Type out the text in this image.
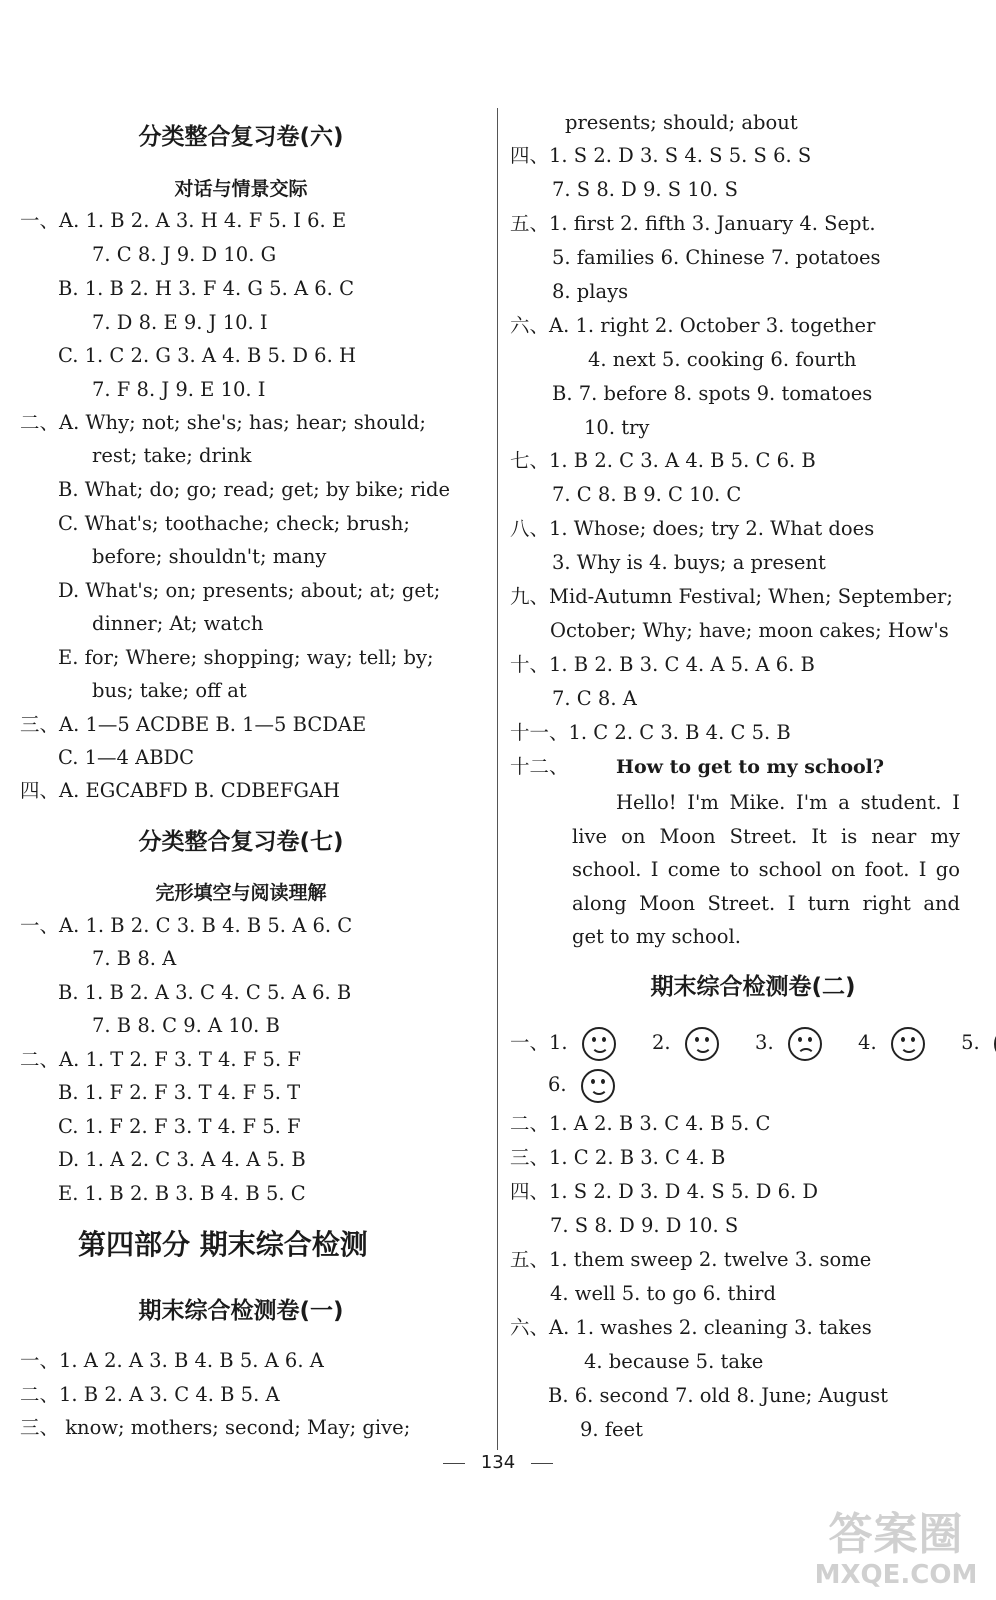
分类整合复习卷(六)
对话与情景交际
一、A. 1. B 2. A 3. H 4. F 5. I 6. E
7. C 8. J 9. D 10. G
B. 1. B 2. H 3. F 4. G 5. A 6. C
7. D 8. E 9. J 10. I
C. 1. C 2. G 3. A 4. B 5. D 6. H
7. F 8. J 9. E 10. I
二、A. Why; not; she's; has; hear; should;
rest; take; drink
B. What; do; go; read; get; by bike; ride
C. What's; toothache; check; brush;
before; shouldn't; many
D. What's; on; presents; about; at; get;
dinner; At; watch
E. for; Where; shopping; way; tell; by;
bus; take; off at
三、A. 1—5 ACDBE B. 1—5 BCDAE
C. 1—4 ABDC
四、A. EGCABFD B. CDBEFGAH
分类整合复习卷(七)
完形填空与阅读理解
一、A. 1. B 2. C 3. B 4. B 5. A 6. C
7. B 8. A
B. 1. B 2. A 3. C 4. C 5. A 6. B
7. B 8. C 9. A 10. B
二、A. 1. T 2. F 3. T 4. F 5. F
B. 1. F 2. F 3. T 4. F 5. T
C. 1. F 2. F 3. T 4. F 5. F
D. 1. A 2. C 3. A 4. A 5. B
E. 1. B 2. B 3. B 4. B 5. C
第四部分 期末综合检测
期末综合检测卷(一)
一、1. A 2. A 3. B 4. B 5. A 6. A
二、1. B 2. A 3. C 4. B 5. A
三、 know; mothers; second; May; give;
presents; should; about
四、1. S 2. D 3. S 4. S 5. S 6. S
7. S 8. D 9. S 10. S
五、1. first 2. fifth 3. January 4. Sept.
5. families 6. Chinese 7. potatoes
8. plays
六、A. 1. right 2. October 3. together
4. next 5. cooking 6. fourth
B. 7. before 8. spots 9. tomatoes
10. try
七、1. B 2. C 3. A 4. B 5. C 6. B
7. C 8. B 9. C 10. C
八、1. Whose; does; try 2. What does
3. Why is 4. buys; a present
九、Mid-Autumn Festival; When; September;
October; Why; have; moon cakes; How's
十、1. B 2. B 3. C 4. A 5. A 6. B
7. C 8. A
十一、1. C 2. C 3. B 4. C 5. B
十二、 How to get to my school?
Hello! I'm Mike. I'm a student. I live on Moon Street. It is near my school. I come to school on foot. I go along Moon Street. I turn right and get to my school.
期末综合检测卷(二)
一、1.	2.	3.	4.	5.
6.
二、1. A 2. B 3. C 4. B 5. C
三、1. C 2. B 3. C 4. B
四、1. S 2. D 3. D 4. S 5. D 6. D
7. S 8. D 9. D 10. S
五、1. them sweep 2. twelve 3. some
4. well 5. to go 6. third
六、A. 1. washes 2. cleaning 3. takes
4. because 5. take
B. 6. second 7. old 8. June; August
9. feet
134
答案圈
MXQE.COM
